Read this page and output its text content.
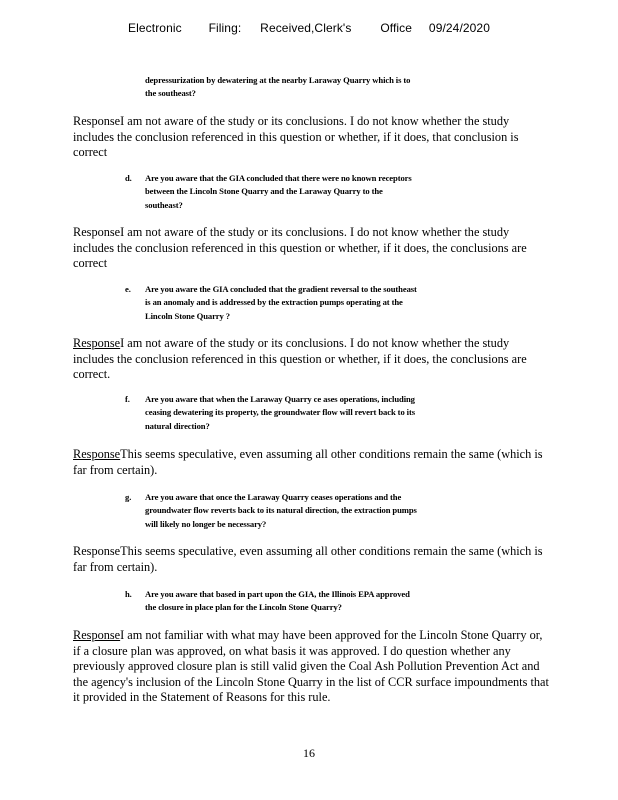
Electronic Filing: Received,Clerk's Office 09/24/2020
depressurization by dewatering at the nearby Laraway Quarry which is to
the southeast?
ResponseI am not aware of the study or its conclusions. I do not know whether the study
includes the conclusion referenced in this question or whether, if it does, that conclusion is
correct
d. Are you aware that the GIA concluded that there were no known receptors
between the Lincoln Stone Quarry and the Laraway Quarry to the
southeast?
ResponseI am not aware of the study or its conclusions. I do not know whether the study
includes the conclusion referenced in this question or whether, if it does, the conclusions are
correct
e. Are you aware the GIA concluded that the gradient reversal to the southeast
is an anomaly and is addressed by the extraction pumps operating at the
Lincoln Stone Quarry ?
ResponseI am not aware of the study or its conclusions. I do not know whether the study
includes the conclusion referenced in this question or whether, if it does, the conclusions are
correct.
f. Are you aware that when the Laraway Quarry ce ases operations, including
ceasing dewatering its property, the groundwater flow will revert back to its
natural direction?
ResponseThis seems speculative, even assuming all other conditions remain the same (which is
far from certain).
g. Are you aware that once the Laraway Quarry ceases operations and the
groundwater flow reverts back to its natural direction, the extraction pumps
will likely no longer be necessary?
ResponseThis seems speculative, even assuming all other conditions remain the same (which is
far from certain).
h. Are you aware that based in part upon the GIA, the Illinois EPA approved
the closure in place plan for the Lincoln Stone Quarry?
ResponseI am not familiar with what may have been approved for the Lincoln Stone Quarry or,
if a closure plan was approved, on what basis it was approved. I do question whether any
previously approved closure plan is still valid given the Coal Ash Pollution Prevention Act and
the agency's inclusion of the Lincoln Stone Quarry in the list of CCR surface impoundments that
it provided in the Statement of Reasons for this rule.
16
